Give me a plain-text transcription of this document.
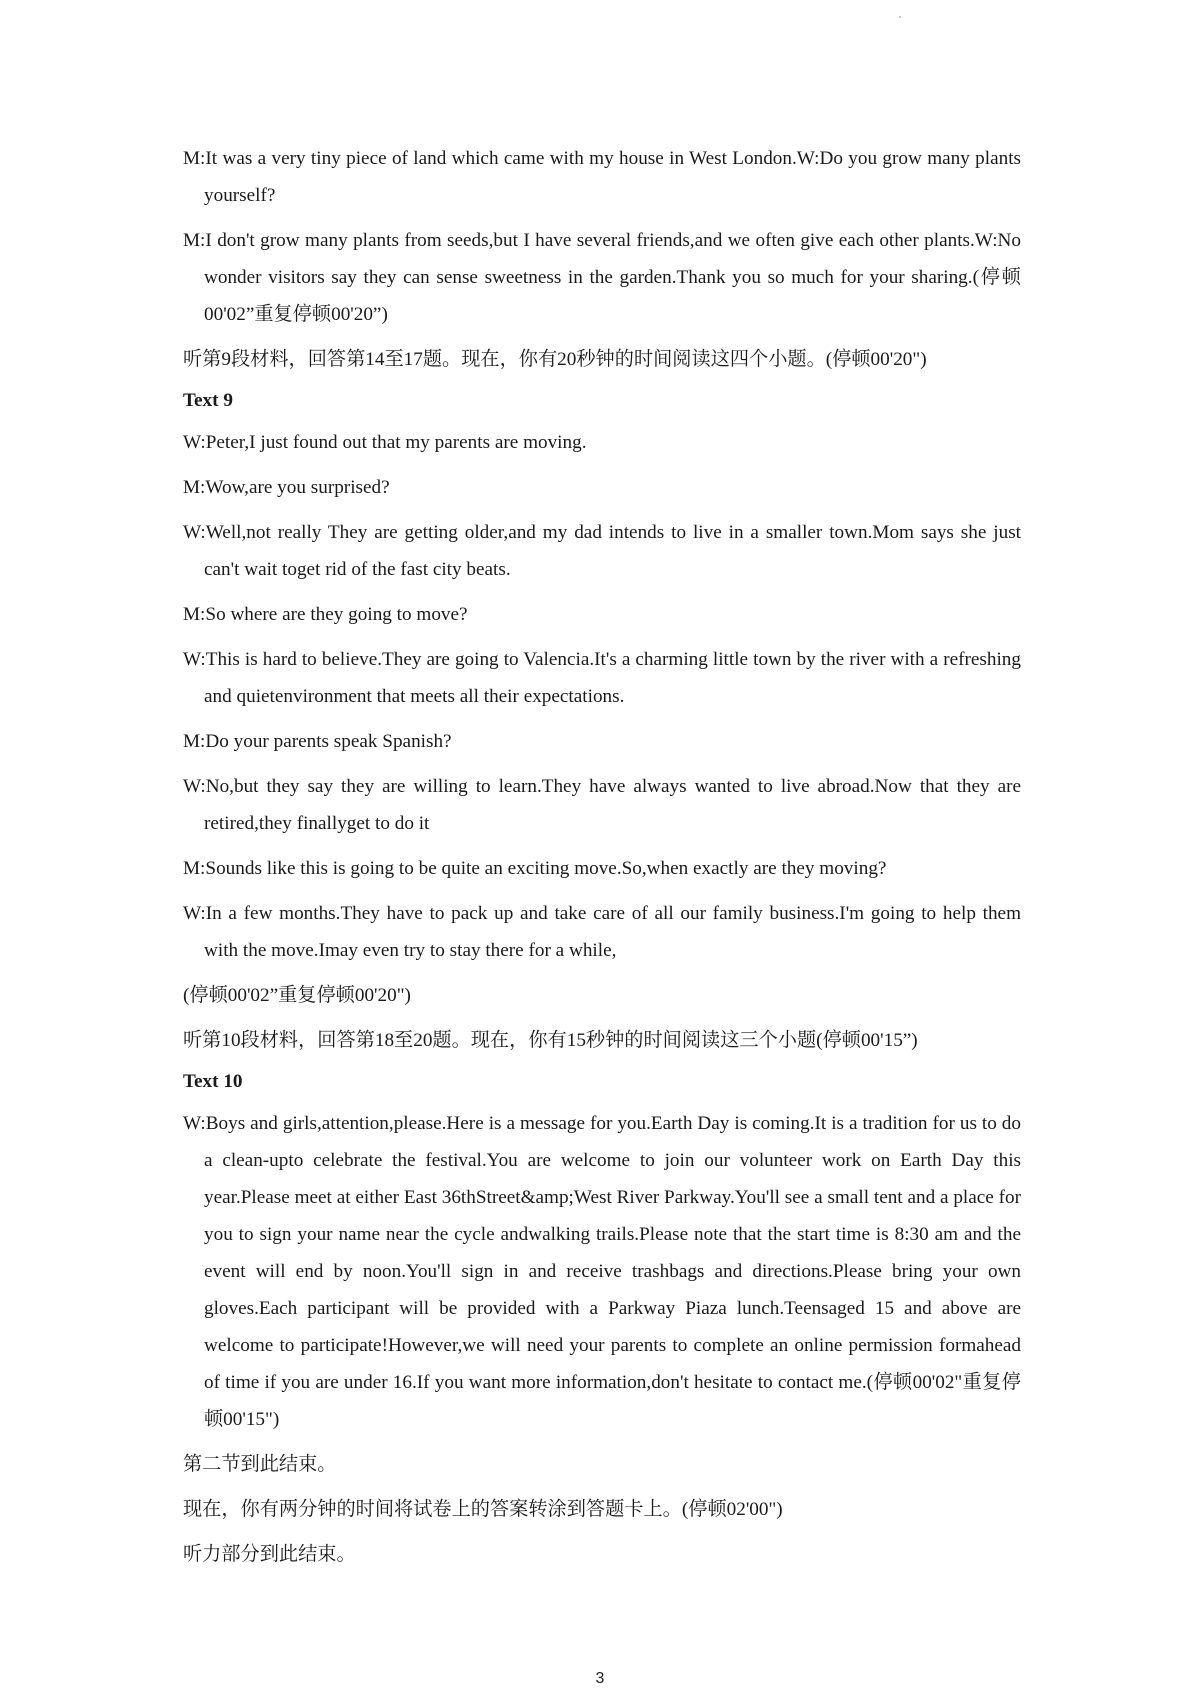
M:It was a very tiny piece of land which came with my house in West London.W:Do you grow many plants yourself?

M:I don't grow many plants from seeds,but I have several friends,and we often give each other plants.W:No wonder visitors say they can sense sweetness in the garden.Thank you so much for your sharing.(停顿00'02”重复停顿00'20”)

听第9段材料，回答第14至17题。现在，你有20秒钟的时间阅读这四个小题。(停顿00'20")

Text 9

W:Peter,I just found out that my parents are moving.

M:Wow,are you surprised?

W:Well,not really They are getting older,and my dad intends to live in a smaller town.Mom says she just can't wait toget rid of the fast city beats.

M:So where are they going to move?

W:This is hard to believe.They are going to Valencia.It's a charming little town by the river with a refreshing and quietenvironment that meets all their expectations.

M:Do your parents speak Spanish?

W:No,but they say they are willing to learn.They have always wanted to live abroad.Now that they are retired,they finallyget to do it

M:Sounds like this is going to be quite an exciting move.So,when exactly are they moving?

W:In a few months.They have to pack up and take care of all our family business.I'm going to help them with the move.Imay even try to stay there for a while,

(停顿00'02”重复停顿00'20")

听第10段材料，回答第18至20题。现在，你有15秒钟的时间阅读这三个小题(停顿00'15”)

Text 10

W:Boys and girls,attention,please.Here is a message for you.Earth Day is coming.It is a tradition for us to do a clean-upto celebrate the festival.You are welcome to join our volunteer work on Earth Day this year.Please meet at either East 36thStreet&amp;West River Parkway.You'll see a small tent and a place for you to sign your name near the cycle andwalking trails.Please note that the start time is 8:30 am and the event will end by noon.You'll sign in and receive trashbags and directions.Please bring your own gloves.Each participant will be provided with a Parkway Piaza lunch.Teensaged 15 and above are welcome to participate!However,we will need your parents to complete an online permission formahead of time if you are under 16.If you want more information,don't hesitate to contact me.(停顿00'02"重复停顿00'15")

第二节到此结束。

现在，你有两分钟的时间将试卷上的答案转涂到答题卡上。(停顿02'00")

听力部分到此结束。

3
